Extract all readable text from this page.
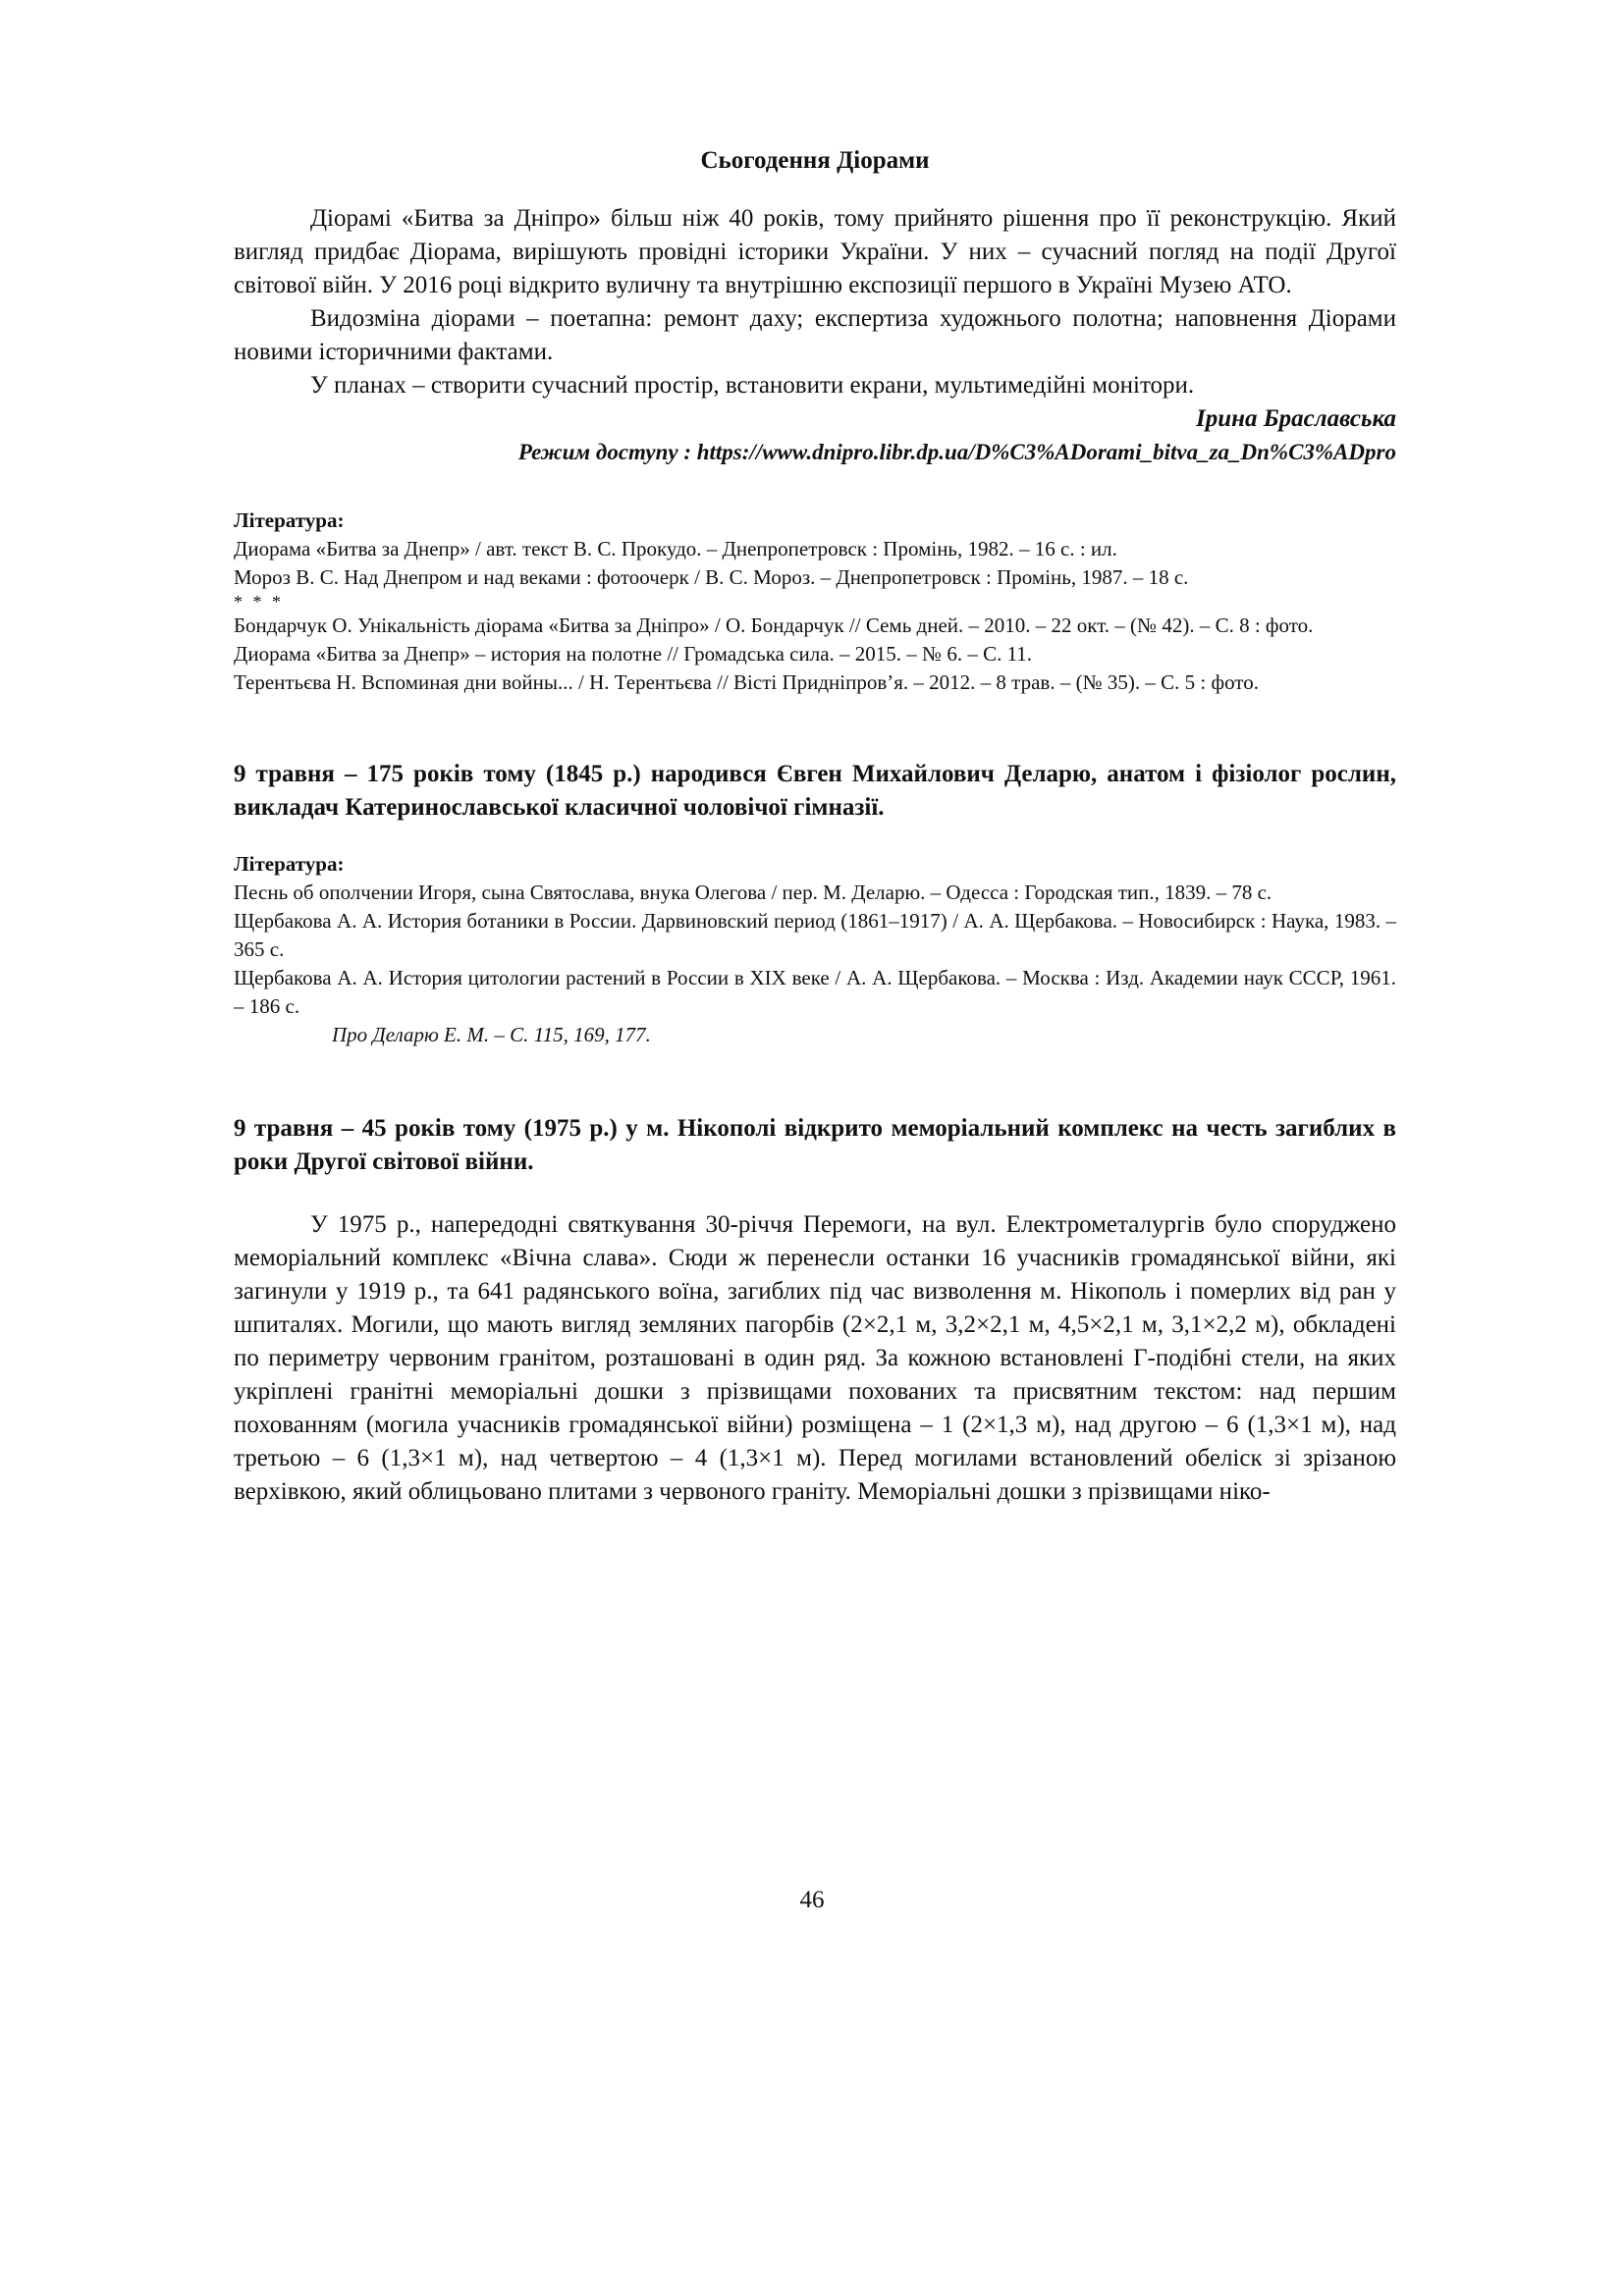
Сьогодення Діорами

Діорамі «Битва за Дніпро» більш ніж 40 років, тому прийнято рішення про її реконструкцію. Який вигляд придбає Діорама, вирішують провідні історики України. У них – сучасний погляд на події Другої світової війн. У 2016 році відкрито вуличну та внутрішню експозиції першого в Україні Музею АТО.

Видозміна діорами – поетапна: ремонт даху; експертиза художнього полотна; наповнення Діорами новими історичними фактами.

У планах – створити сучасний простір, встановити екрани, мультимедійні монітори.

Ірина Браславська

Режим доступу : https://www.dnipro.libr.dp.ua/D%C3%ADorami_bitva_za_Dn%C3%ADpro

Література:

Диорама «Битва за Днепр» / авт. текст В. С. Прокудо. – Днепропетровск : Промінь, 1982. – 16 с. : ил.

Мороз В. С. Над Днепром и над веками : фотоочерк / В. С. Мороз. – Днепропетровск : Промінь, 1987. – 18 с.

* * *

Бондарчук О. Унікальність діорама «Битва за Дніпро» / О. Бондарчук // Семь дней. – 2010. – 22 окт. – (№ 42). – С. 8 : фото.

Диорама «Битва за Днепр» – история на полотне // Громадська сила. – 2015. – № 6. – С. 11.

Терентьєва Н. Вспоминая дни войны... / Н. Терентьєва // Вісті Придніпров’я. – 2012. – 8 трав. – (№ 35). – С. 5 : фото.

9 травня – 175 років тому (1845 р.) народився Євген Михайлович Деларю, анатом і фізіолог рослин, викладач Катеринославської класичної чоловічої гімназії.

Література:

Песнь об ополчении Игоря, сына Святослава, внука Олегова / пер. М. Деларю. – Одесса : Городская тип., 1839. – 78 с.

Щербакова А. А. История ботаники в России. Дарвиновский период (1861–1917) / А. А. Щербакова. – Новосибирск : Наука, 1983. – 365 с.

Щербакова А. А. История цитологии растений в России в XIX веке / А. А. Щербакова. – Москва : Изд. Академии наук СССР, 1961. – 186 с.

Про Деларю Е. М. – С. 115, 169, 177.

9 травня – 45 років тому (1975 р.) у м. Нікополі відкрито меморіальний комплекс на честь загиблих в роки Другої світової війни.

У 1975 р., напередодні святкування 30-річчя Перемоги, на вул. Електрометалургів було споруджено меморіальний комплекс «Вічна слава». Сюди ж перенесли останки 16 учасників громадянської війни, які загинули у 1919 р., та 641 радянського воїна, загиблих під час визволення м. Нікополь і померлих від ран у шпиталях. Могили, що мають вигляд земляних пагорбів (2×2,1 м, 3,2×2,1 м, 4,5×2,1 м, 3,1×2,2 м), обкладені по периметру червоним гранітом, розташовані в один ряд. За кожною встановлені Г-подібні стели, на яких укріплені гранітні меморіальні дошки з прізвищами похованих та присвятним текстом: над першим похованням (могила учасників громадянської війни) розміщена – 1 (2×1,3 м), над другою – 6 (1,3×1 м), над третьою – 6 (1,3×1 м), над четвертою – 4 (1,3×1 м). Перед могилами встановлений обеліск зі зрізаною верхівкою, який облицьовано плитами з червоного граніту. Меморіальні дошки з прізвищами ніко-

46
